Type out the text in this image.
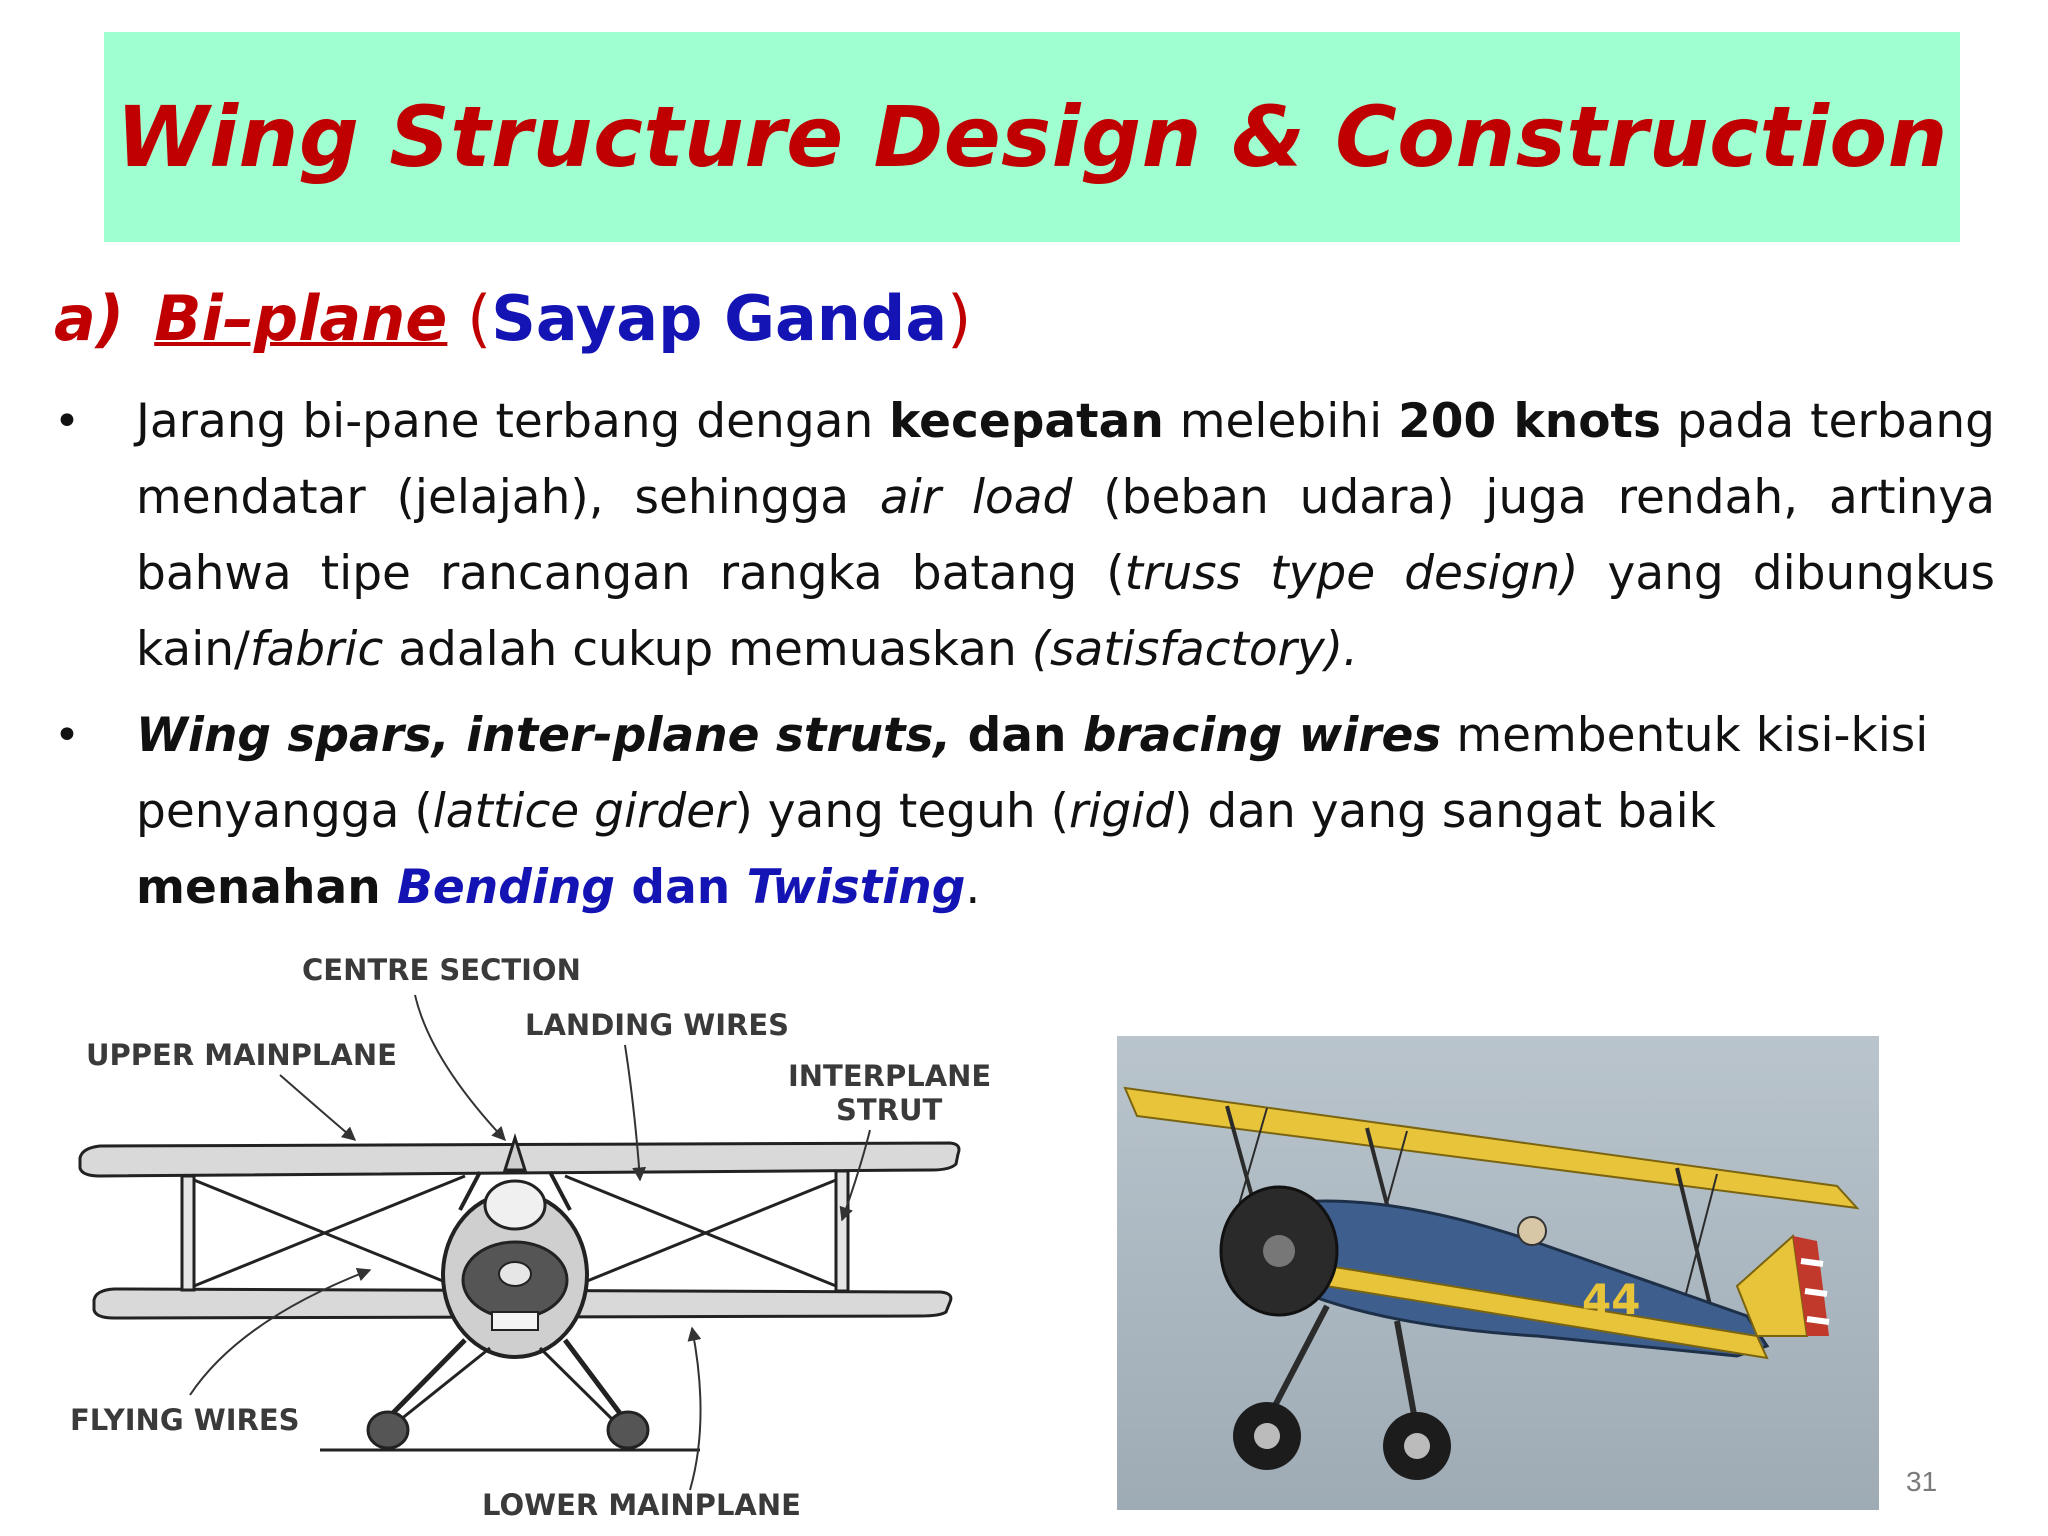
Wing Structure Design & Construction
a) Bi–plane (Sayap Ganda)
•	Jarang bi-pane terbang dengan kecepatan melebihi 200 knots pada terbang mendatar (jelajah), sehingga air load (beban udara) juga rendah, artinya bahwa tipe rancangan rangka batang (truss type design) yang dibungkus kain/fabric adalah cukup memuaskan (satisfactory).
•	Wing spars, inter-plane struts, dan bracing wires membentuk kisi-kisi penyangga (lattice girder) yang teguh (rigid) dan yang sangat baik
menahan Bending dan Twisting.
CENTRE SECTION
LANDING WIRES
UPPER MAINPLANE
INTERPLANE
STRUT
FLYING WIRES
LOWER MAINPLANE
44
31
